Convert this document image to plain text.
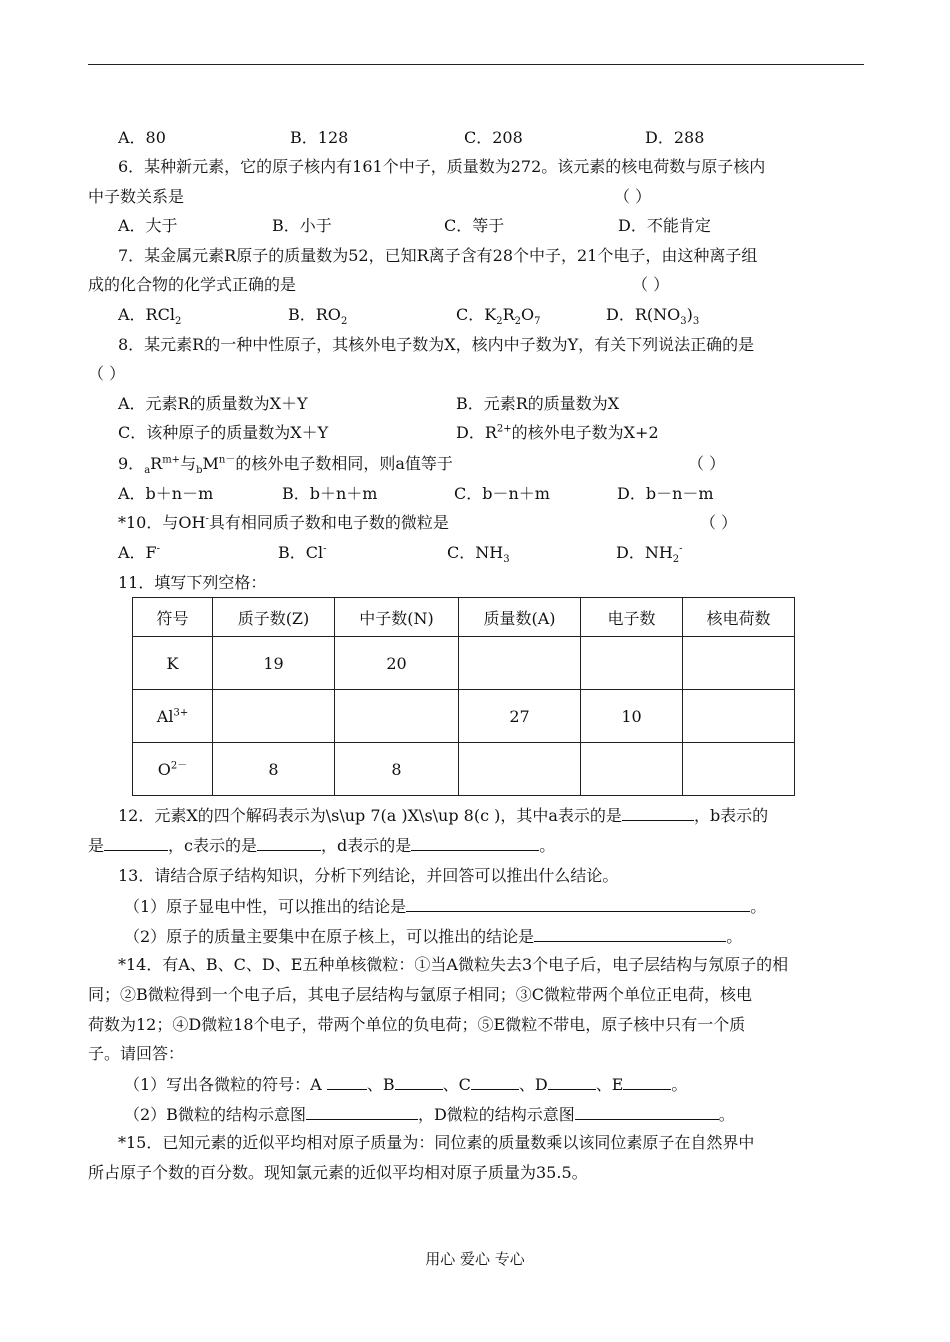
A．80	B．128	C．208	D．288
6．某种新元素，它的原子核内有161个中子，质量数为272。该元素的核电荷数与原子核内
中子数关系是	（ ）
A．大于	B．小于	C．等于	D．不能肯定
7．某金属元素R原子的质量数为52，已知R离子含有28个中子，21个电子，由这种离子组
成的化合物的化学式正确的是	（ ）
A．RCl$_2$	B．$RO_2$	C．$K_2R_2O_7$	D．$R(NO_3)_3$
8．某元素R的一种中性原子，其核外电子数为X，核内中子数为Y，有关下列说法正确的是
（ ）
A．元素R的质量数为X＋Y	B．元素R的质量数为X
C．该种原子的质量数为X＋Y	D．$R^{2+}$的核外电子数为X+2
9．$_aR^{m+}$与$_bM^{n-}$的核外电子数相同，则a值等于	（ ）
A．b＋n－m	B．b＋n＋m	C．b－n＋m	D．b－n－m
*10．与OH-具有相同质子数和电子数的微粒是	（ ）
A．F-	B．Cl-	C．$NH_3$	D．$NH_2^-$
11．填写下列空格：
符号	质子数(Z)	中子数(N)	质量数(A)	电子数	核电荷数
K	19	20			
$Al^{3+}$			27	10	
$O^{2-}$	8	8			
12．元素X的四个解码表示为\s\up 7(a )X\s\up 8(c )，其中a表示的是	，b表示的
是	，c表示的是	，d表示的是	。
13．请结合原子结构知识，分析下列结论，并回答可以推出什么结论。
（1）原子显电中性，可以推出的结论是	。
（2）原子的质量主要集中在原子核上，可以推出的结论是	。
*14．有A、B、C、D、E五种单核微粒：①当A微粒失去3个电子后，电子层结构与氖原子的相
同；②B微粒得到一个电子后，其电子层结构与氩原子相同；③C微粒带两个单位正电荷，核电
荷数为12；④D微粒18个电子，带两个单位的负电荷；⑤E微粒不带电，原子核中只有一个质
子。请回答：
（1）写出各微粒的符号：A	、B	、C	、D	、E	。
（2）B微粒的结构示意图	，D微粒的结构示意图	。
*15．已知元素的近似平均相对原子质量为：同位素的质量数乘以该同位素原子在自然界中
所占原子个数的百分数。现知氯元素的近似平均相对原子质量为35.5。
用心 爱心 专心
